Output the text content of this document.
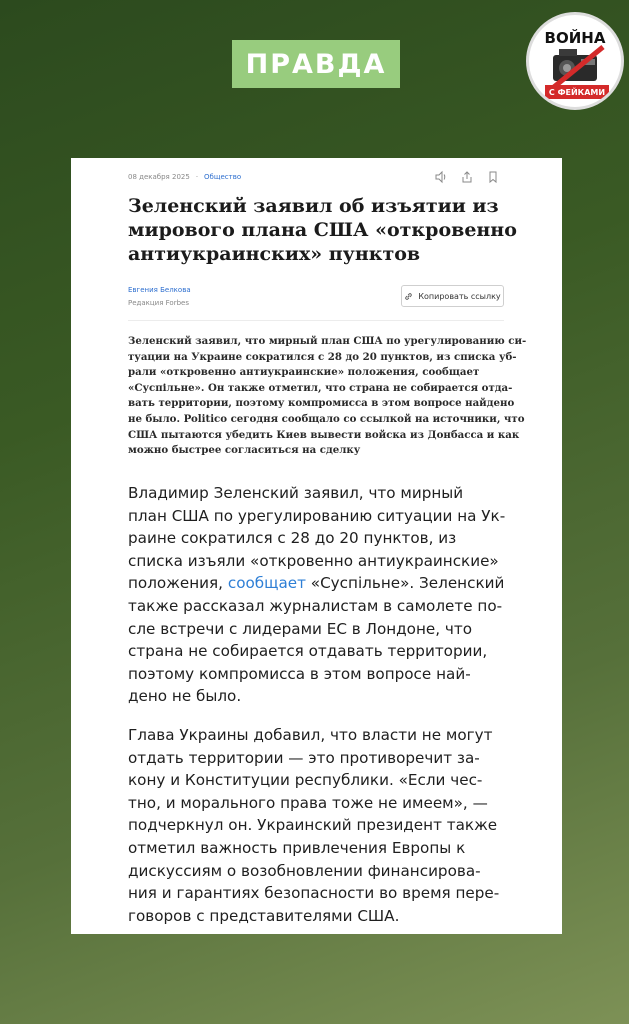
ПРАВДА
ВОЙНА
С ФЕЙКАМИ
08 декабря 2025 · Общество
Зеленский заявил об изъятии из
мирового плана США «откровенно
антиукраинских» пунктов
Евгения Белкова
Редакция Forbes
Копировать ссылку
Зеленский заявил, что мирный план США по урегулированию си-
туации на Украине сократился с 28 до 20 пунктов, из списка уб-
рали «откровенно антиукраинские» положения, сообщает
«Суспільне». Он также отметил, что страна не собирается отда-
вать территории, поэтому компромисса в этом вопросе найдено
не было. Politico сегодня сообщало со ссылкой на источники, что
США пытаются убедить Киев вывести войска из Донбасса и как
можно быстрее согласиться на сделку
Владимир Зеленский заявил, что мирный
план США по урегулированию ситуации на Ук-
раине сократился с 28 до 20 пунктов, из
списка изъяли «откровенно антиукраинские»
положения, сообщает «Суспільне». Зеленский
также рассказал журналистам в самолете по-
сле встречи с лидерами ЕС в Лондоне, что
страна не собирается отдавать территории,
поэтому компромисса в этом вопросе най-
дено не было.
Глава Украины добавил, что власти не могут
отдать территории — это противоречит за-
кону и Конституции республики. «Если чес-
тно, и морального права тоже не имеем», —
подчеркнул он. Украинский президент также
отметил важность привлечения Европы к
дискуссиям о возобновлении финансирова-
ния и гарантиях безопасности во время пере-
говоров с представителями США.
